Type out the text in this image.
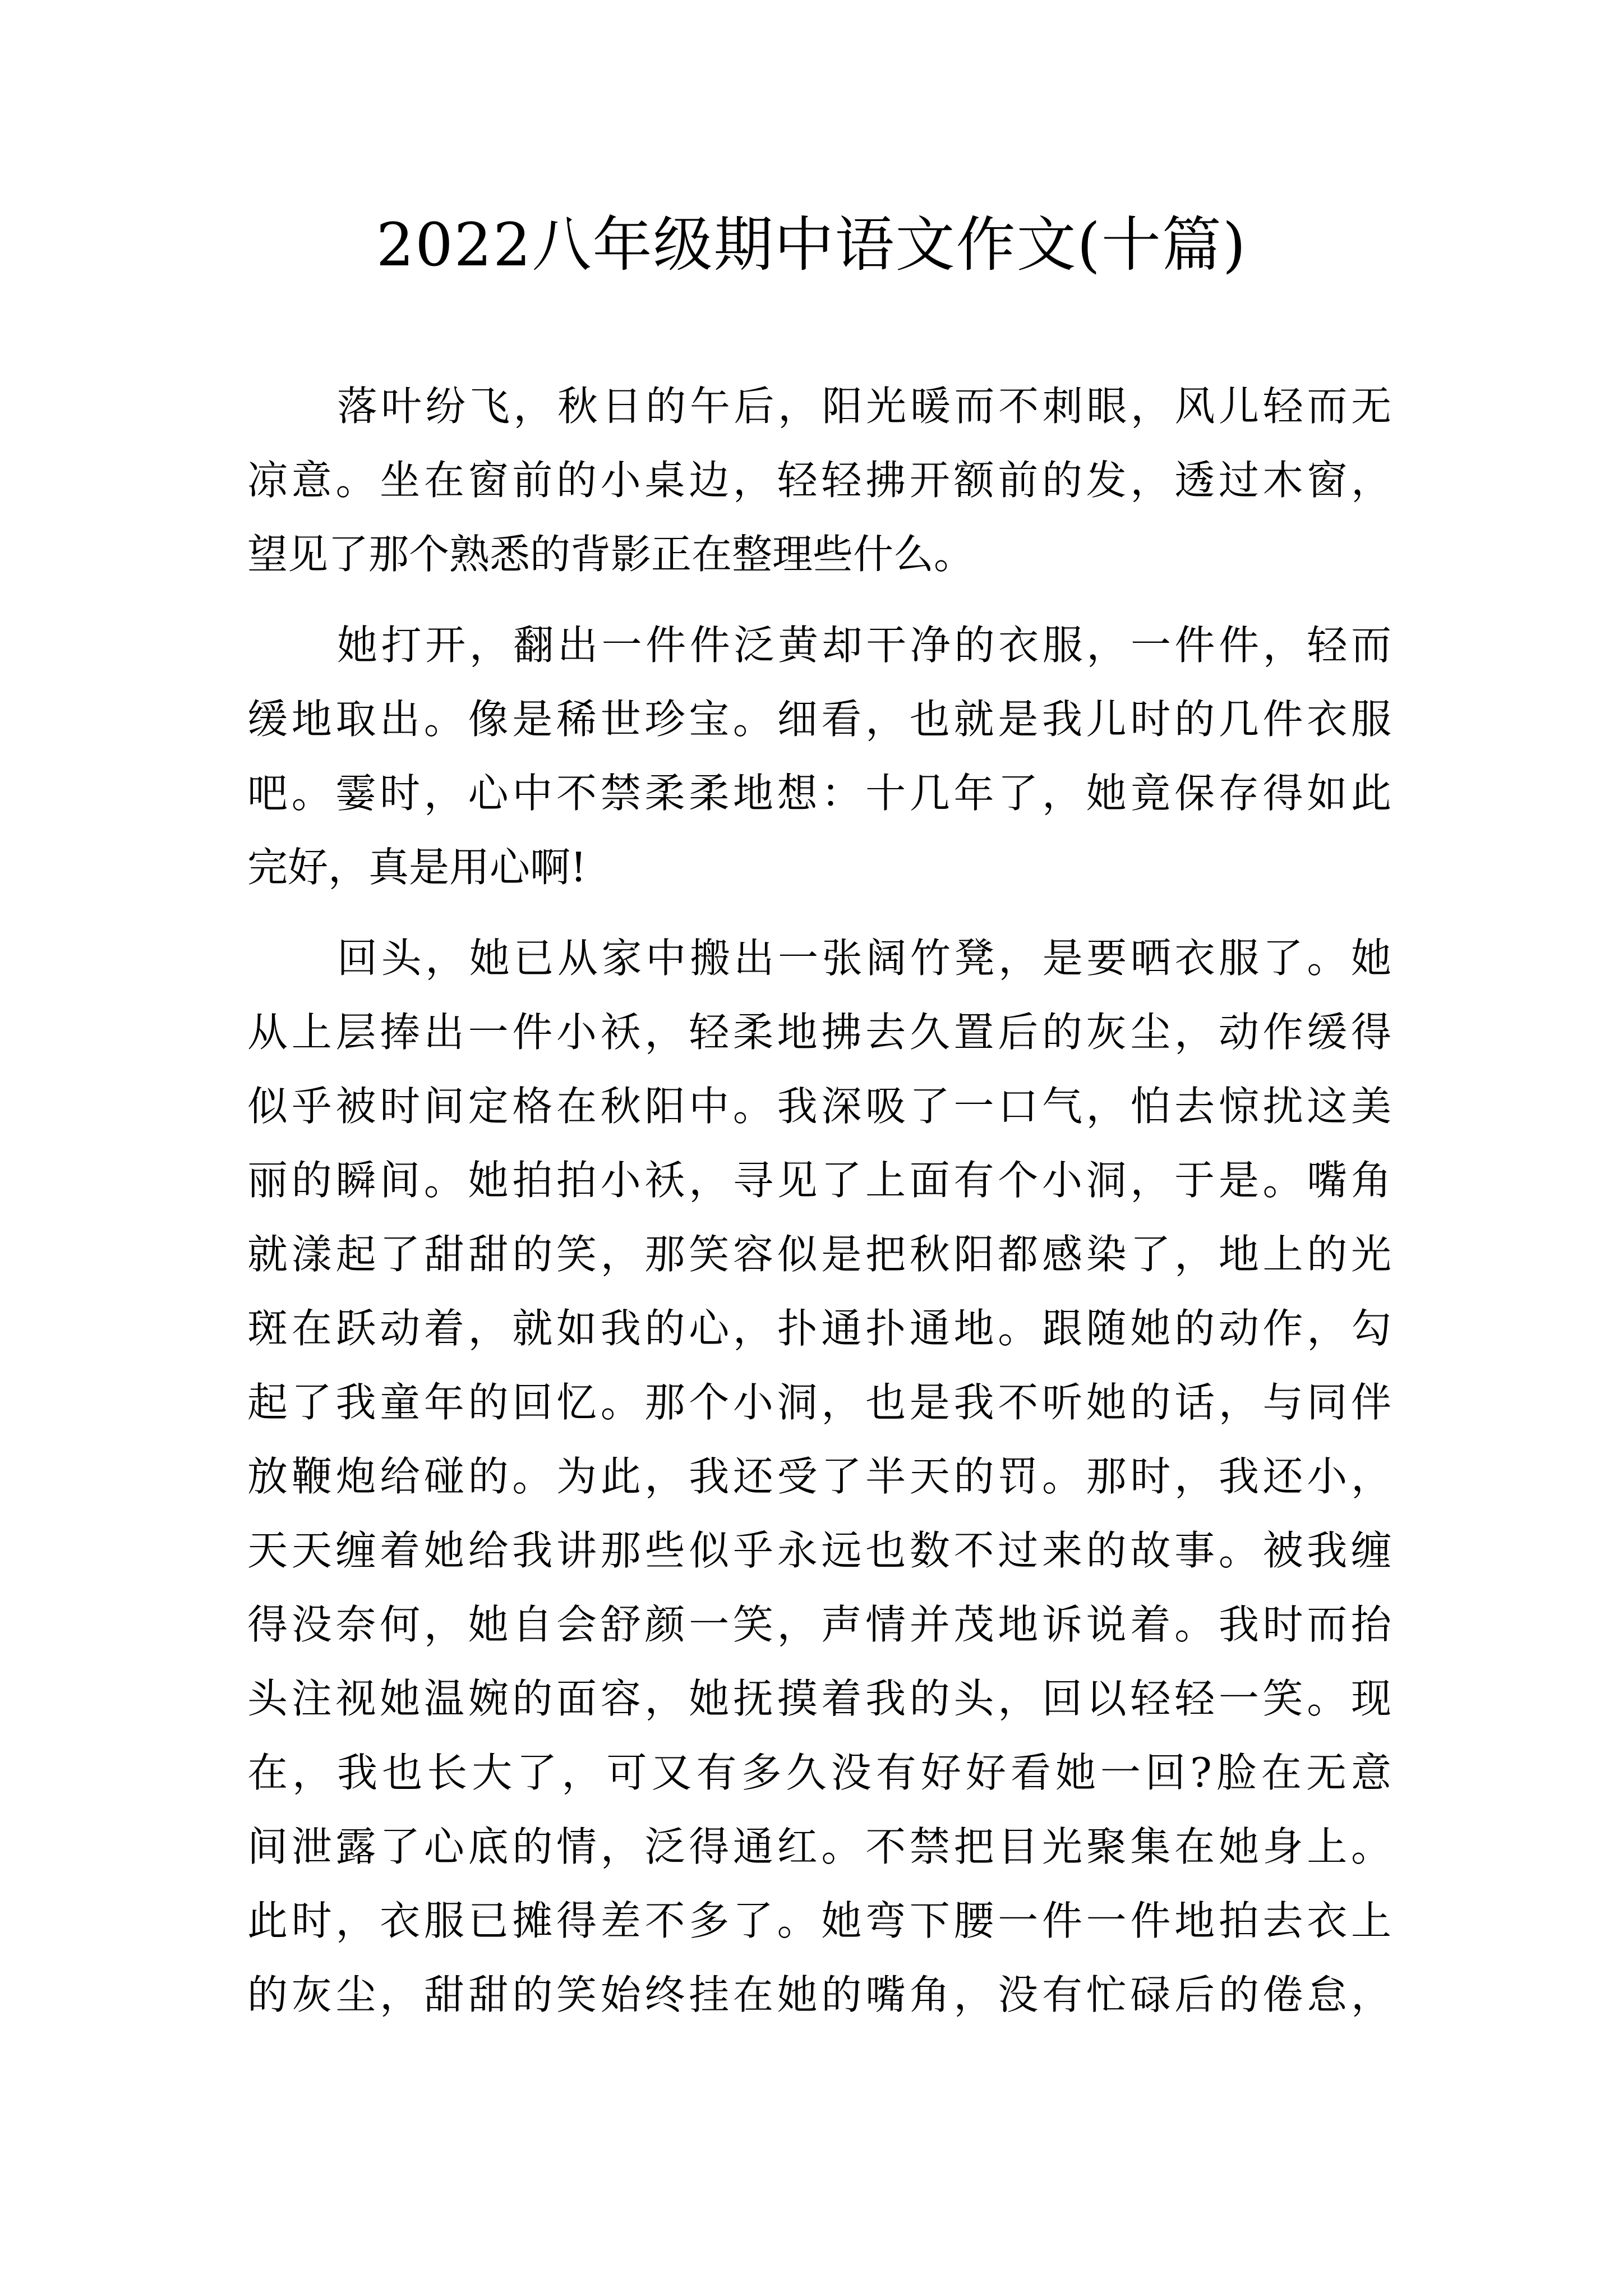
2022八年级期中语文作文(十篇)
落叶纷飞，秋日的午后，阳光暖而不刺眼，风儿轻而无
凉意。坐在窗前的小桌边，轻轻拂开额前的发，透过木窗，
望见了那个熟悉的背影正在整理些什么。
她打开，翻出一件件泛黄却干净的衣服，一件件，轻而
缓地取出。像是稀世珍宝。细看，也就是我儿时的几件衣服
吧。霎时，心中不禁柔柔地想：十几年了，她竟保存得如此
完好，真是用心啊!
回头，她已从家中搬出一张阔竹凳，是要晒衣服了。她
从上层捧出一件小袄，轻柔地拂去久置后的灰尘，动作缓得
似乎被时间定格在秋阳中。我深吸了一口气，怕去惊扰这美
丽的瞬间。她拍拍小袄，寻见了上面有个小洞，于是。嘴角
就漾起了甜甜的笑，那笑容似是把秋阳都感染了，地上的光
斑在跃动着，就如我的心，扑通扑通地。跟随她的动作，勾
起了我童年的回忆。那个小洞，也是我不听她的话，与同伴
放鞭炮给碰的。为此，我还受了半天的罚。那时，我还小，
天天缠着她给我讲那些似乎永远也数不过来的故事。被我缠
得没奈何，她自会舒颜一笑，声情并茂地诉说着。我时而抬
头注视她温婉的面容，她抚摸着我的头，回以轻轻一笑。现
在，我也长大了，可又有多久没有好好看她一回?脸在无意
间泄露了心底的情，泛得通红。不禁把目光聚集在她身上。
此时，衣服已摊得差不多了。她弯下腰一件一件地拍去衣上
的灰尘，甜甜的笑始终挂在她的嘴角，没有忙碌后的倦怠，
